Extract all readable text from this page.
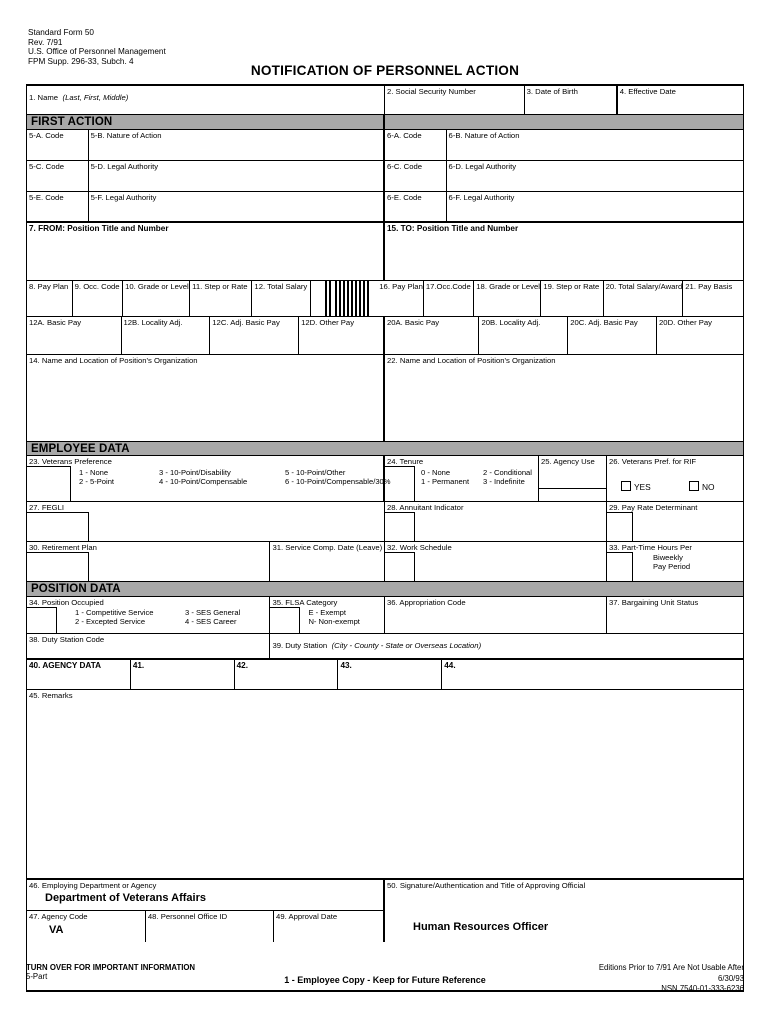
Standard Form 50
Rev. 7/91
U.S. Office of Personnel Management
FPM Supp. 296-33, Subch. 4
NOTIFICATION OF PERSONNEL ACTION
1. Name (Last, First, Middle)
2. Social Security Number	3. Date of Birth	4. Effective Date
FIRST ACTION
5-A. Code	5-B. Nature of Action	6-A. Code	6-B. Nature of Action
5-C. Code	5-D. Legal Authority	6-C. Code	6-D. Legal Authority
5-E. Code	5-F. Legal Authority	6-E. Code	6-F. Legal Authority
7. FROM: Position Title and Number	15. TO: Position Title and Number
8. Pay Plan 9. Occ. Code 10. Grade or Level 11. Step or Rate 12. Total Salary	16. Pay Plan 17.Occ.Code 18. Grade or Level 19. Step or Rate 20. Total Salary/Award 21. Pay Basis
12A. Basic Pay	12B. Locality Adj.	12C. Adj. Basic Pay	12D. Other Pay	20A. Basic Pay	20B. Locality Adj.	20C. Adj. Basic Pay	20D. Other Pay
14. Name and Location of Position's Organization	22. Name and Location of Position's Organization
EMPLOYEE DATA
23. Veterans Preference
1 - None
2 - 5-Point
3 - 10-Point/Disability
4 - 10-Point/Compensable
5 - 10-Point/Other
6 - 10-Point/Compensable/30%
24. Tenure
0 - None
1 - Permanent
2 - Conditional
3 - Indefinite
25. Agency Use	26. Veterans Pref. for RIF
YES	NO
27. FEGLI	28. Annuitant Indicator	29. Pay Rate Determinant
30. Retirement Plan	31. Service Comp. Date (Leave) 32. Work Schedule	33. Part-Time Hours Per
Biweekly
Pay Period
POSITION DATA
34. Position Occupied
1 - Competitive Service
2 - Excepted Service
3 - SES General
4 - SES Career
35. FLSA Category
E - Exempt
N- Non-exempt
36. Appropriation Code	37. Bargaining Unit Status
38. Duty Station Code
39. Duty Station (City - County - State or Overseas Location)
40. AGENCY DATA	41.	42.	43.	44.
45. Remarks
46. Employing Department or Agency
Department of Veterans Affairs
47. Agency Code
VA
48. Personnel Office ID	49. Approval Date
50. Signature/Authentication and Title of Approving Official
Human Resources Officer
TURN OVER FOR IMPORTANT INFORMATION
5-Part	1 - Employee Copy - Keep for Future Reference
Editions Prior to 7/91 Are Not Usable After
6/30/93
NSN 7540-01-333-6236
